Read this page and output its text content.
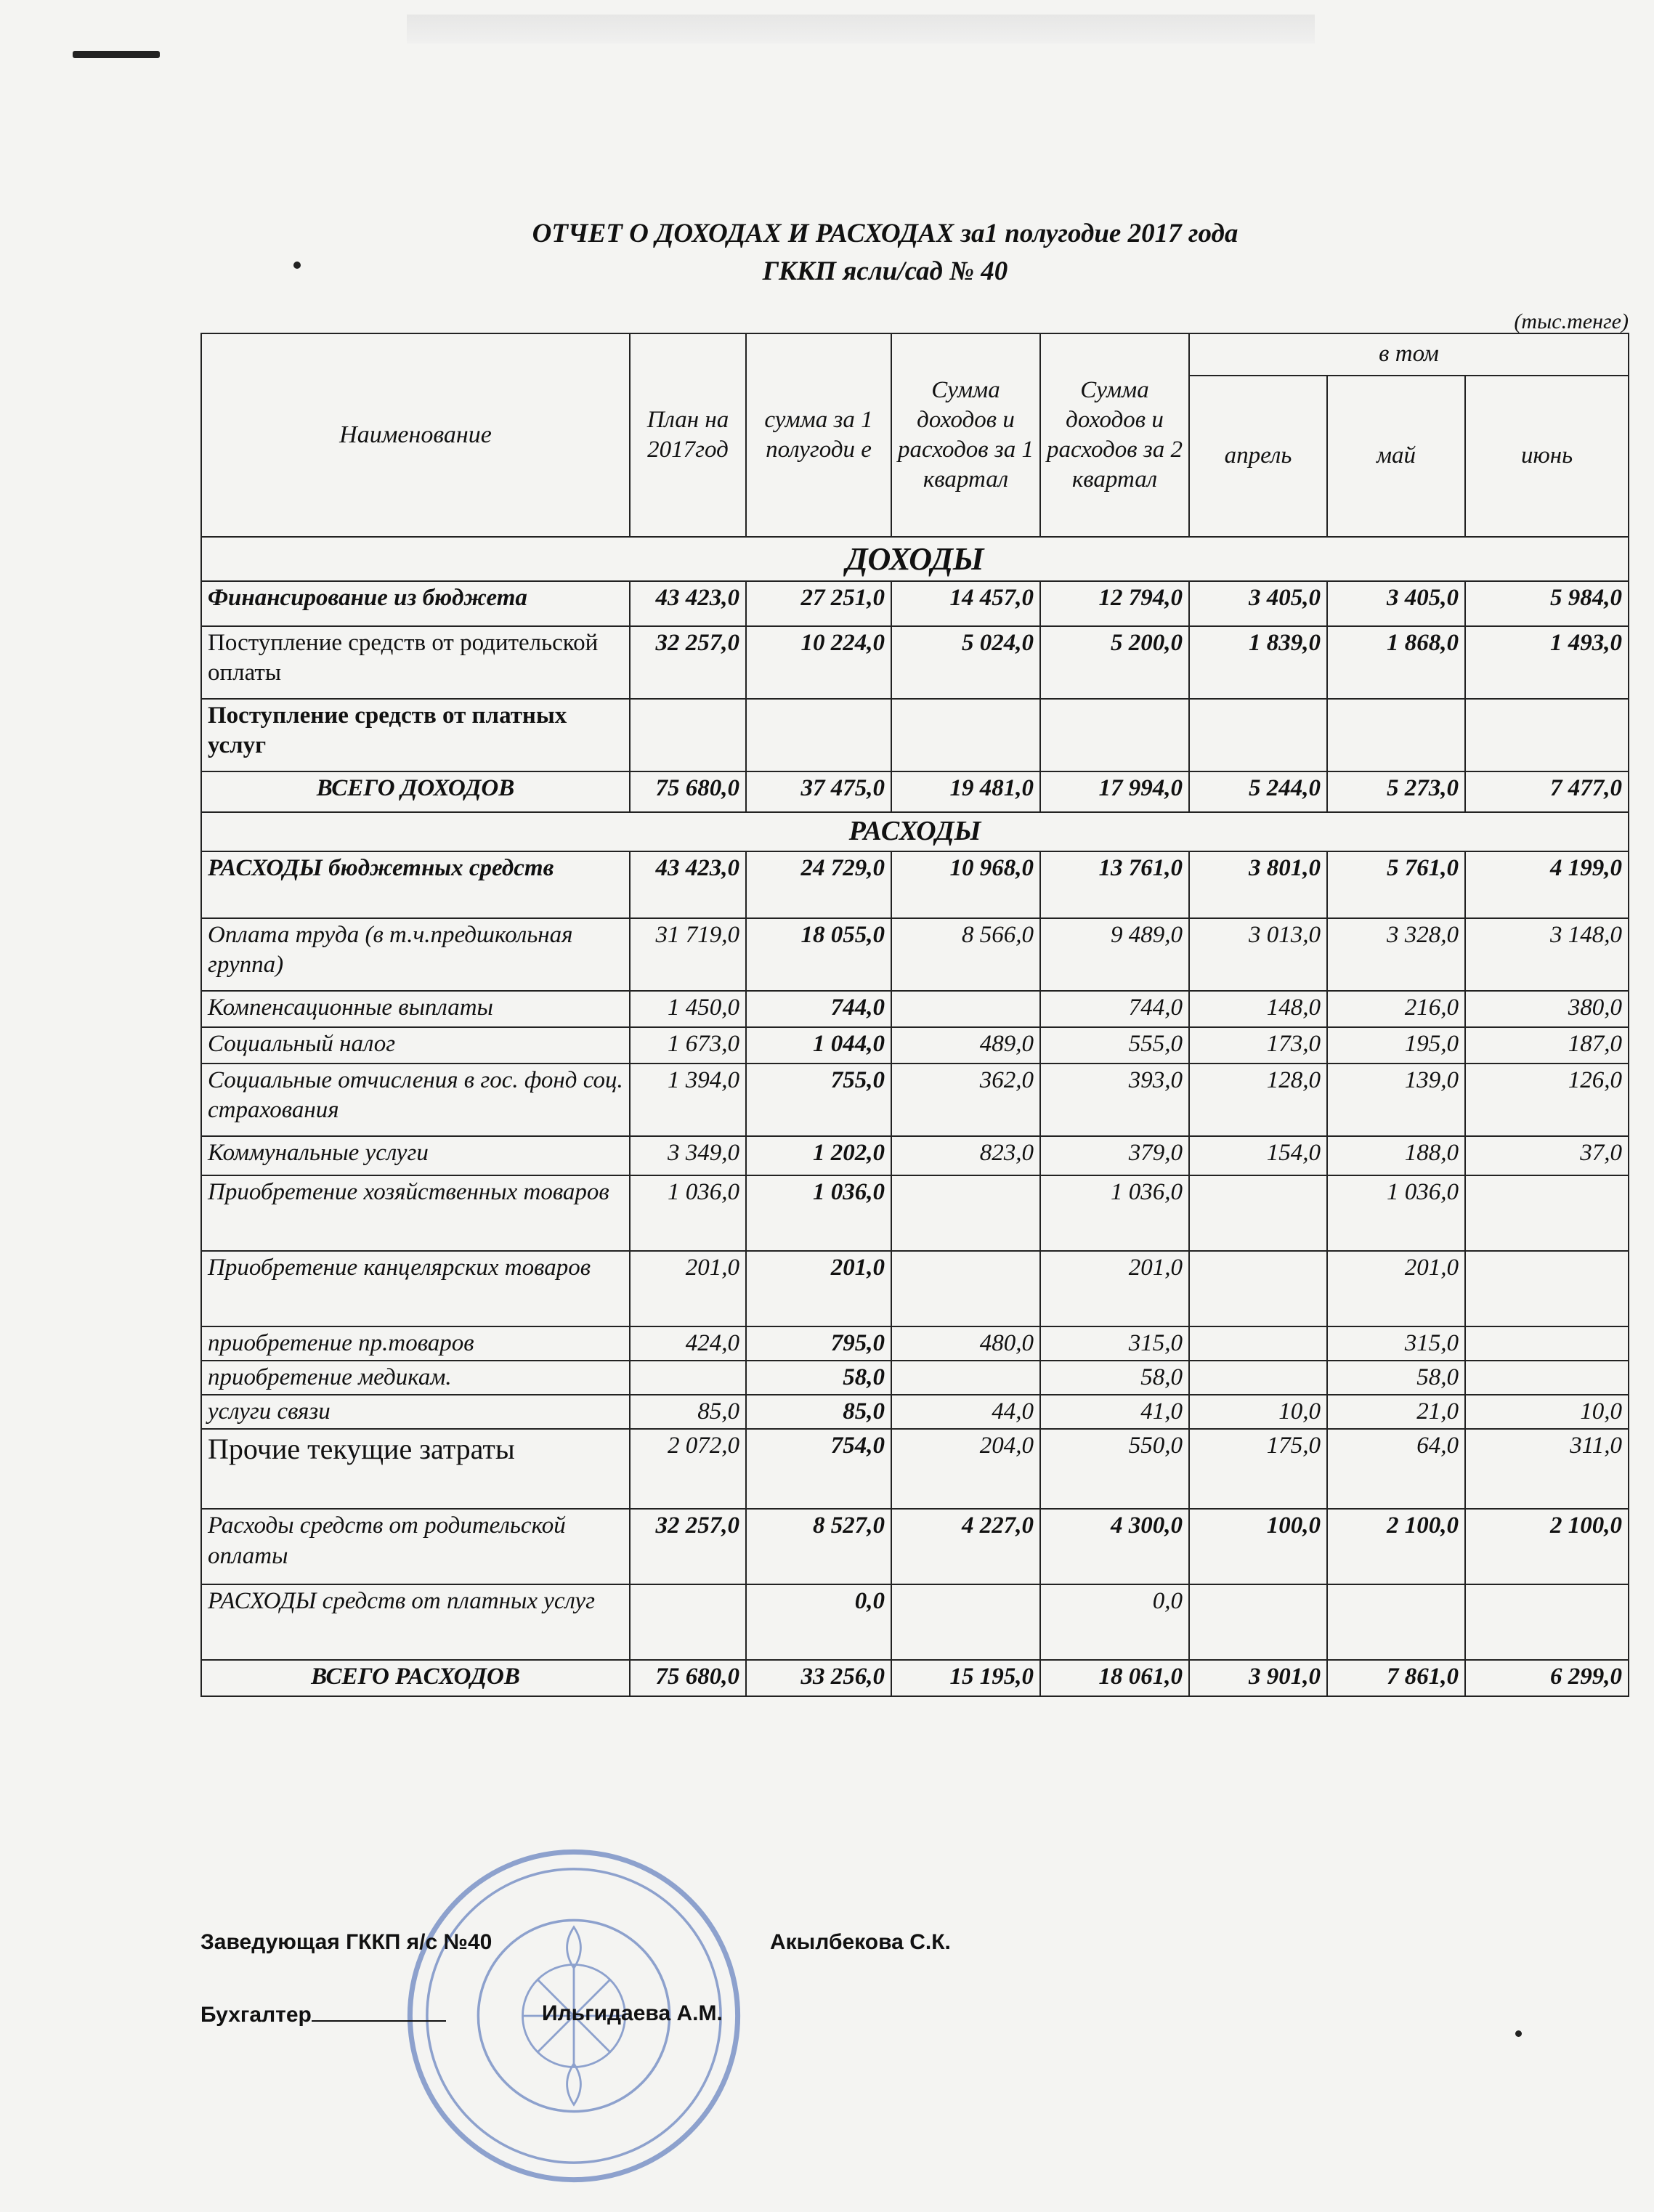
ОТЧЕТ О ДОХОДАХ И РАСХОДАХ за1 полугодие 2017 года
ГККП ясли/сад № 40
(тыс.тенге)
Наименование	План на 2017год	сумма за 1 полугоди е	Сумма доходов и расходов за 1 квартал	Сумма доходов и расходов за 2 квартал	в том		
					апрель	май	июнь
ДОХОДЫ							
Финансирование из бюджета	43 423,0	27 251,0	14 457,0	12 794,0	3 405,0	3 405,0	5 984,0
Поступление средств от родительской оплаты	32 257,0	10 224,0	5 024,0	5 200,0	1 839,0	1 868,0	1 493,0
Поступление средств от платных услуг							
ВСЕГО ДОХОДОВ	75 680,0	37 475,0	19 481,0	17 994,0	5 244,0	5 273,0	7 477,0
РАСХОДЫ							
РАСХОДЫ бюджетных средств	43 423,0	24 729,0	10 968,0	13 761,0	3 801,0	5 761,0	4 199,0
Оплата труда (в т.ч.предшкольная группа)	31 719,0	18 055,0	8 566,0	9 489,0	3 013,0	3 328,0	3 148,0
Компенсационные выплаты	1 450,0	744,0		744,0	148,0	216,0	380,0
Социальный налог	1 673,0	1 044,0	489,0	555,0	173,0	195,0	187,0
Социальные отчисления в гос. фонд соц. страхования	1 394,0	755,0	362,0	393,0	128,0	139,0	126,0
Коммунальные услуги	3 349,0	1 202,0	823,0	379,0	154,0	188,0	37,0
Приобретение хозяйственных товаров	1 036,0	1 036,0		1 036,0		1 036,0	
Приобретение канцелярских товаров	201,0	201,0		201,0		201,0	
приобретение пр.товаров	424,0	795,0	480,0	315,0		315,0	
приобретение медикам.		58,0		58,0		58,0	
услуги связи	85,0	85,0	44,0	41,0	10,0	21,0	10,0
Прочие текущие затраты	2 072,0	754,0	204,0	550,0	175,0	64,0	311,0
Расходы средств от родительской оплаты	32 257,0	8 527,0	4 227,0	4 300,0	100,0	2 100,0	2 100,0
РАСХОДЫ средств от платных услуг		0,0		0,0			
ВСЕГО РАСХОДОВ	75 680,0	33 256,0	15 195,0	18 061,0	3 901,0	7 861,0	6 299,0
Заведующая ГККП я/с №40	Акылбекова С.К.
Бухгалтер	Ильгидаева А.М.
